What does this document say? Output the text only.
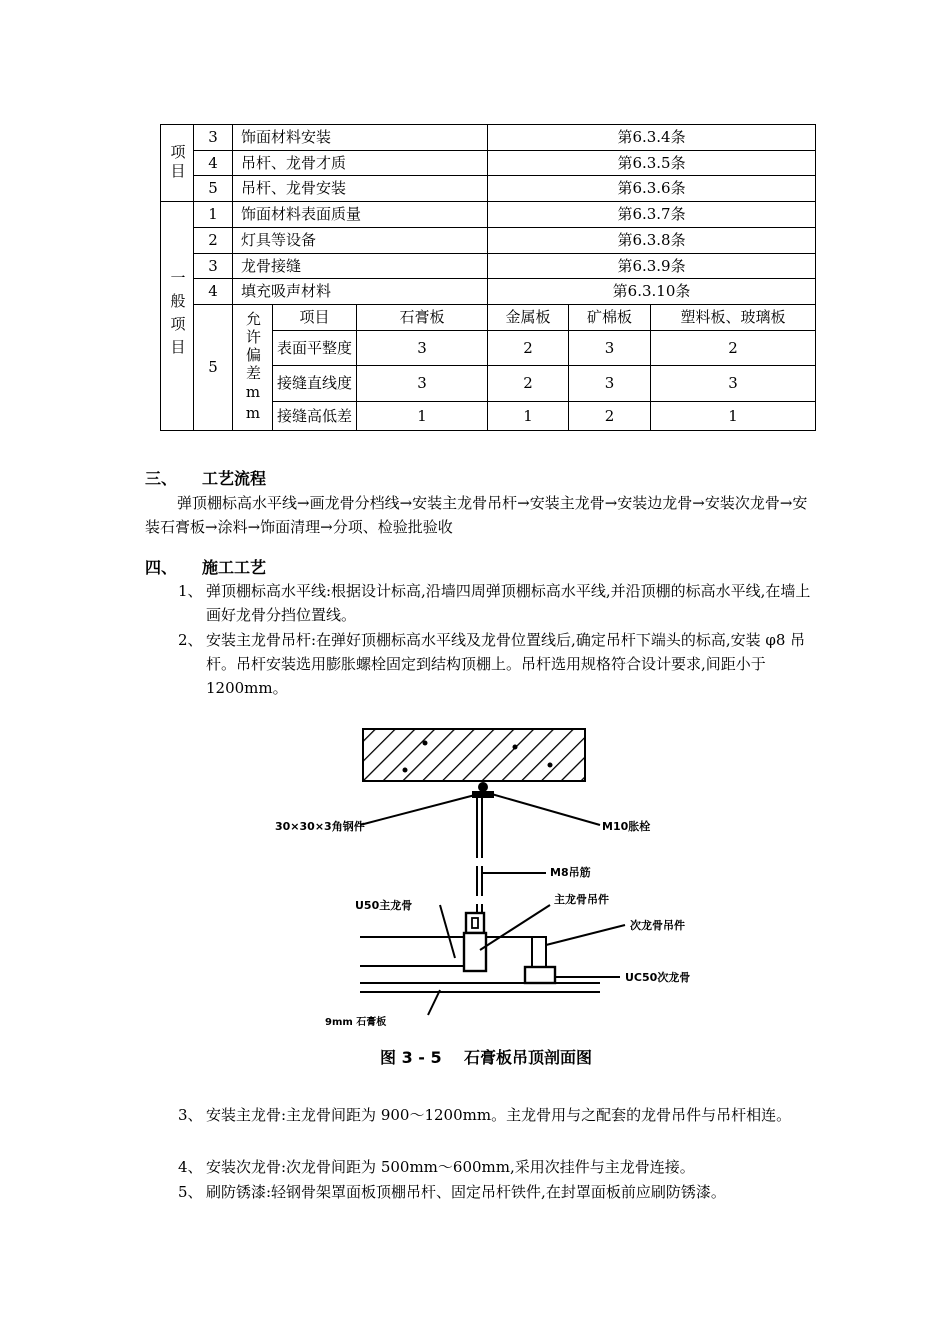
项目	3	饰面材料安装			第6.3.4条		
	4	吊杆、龙骨才质			第6.3.5条		
	5	吊杆、龙骨安装			第6.3.6条		

一般项目	1	饰面材料表面质量			第6.3.7条		
	2	灯具等设备			第6.3.8条		
	3	龙骨接缝			第6.3.9条		
	4	填充吸声材料			第6.3.10条		
	5	允许偏差mm	项目	石膏板	金属板	矿棉板	塑料板、玻璃板
			表面平整度	3	2	3	2
			接缝直线度	3	2	3	3
			接缝高低差	1	1	2	1
三、 工艺流程
弹顶棚标高水平线→画龙骨分档线→安装主龙骨吊杆→安装主龙骨→安装边龙骨→安装次龙骨→安装石膏板→涂料→饰面清理→分项、检验批验收
四、 施工工艺
1、 弹顶棚标高水平线:根据设计标高,沿墙四周弹顶棚标高水平线,并沿顶棚的标高水平线,在墙上画好龙骨分挡位置线。
2、 安装主龙骨吊杆:在弹好顶棚标高水平线及龙骨位置线后,确定吊杆下端头的标高,安装 φ8 吊杆。吊杆安装选用膨胀螺栓固定到结构顶棚上。吊杆选用规格符合设计要求,间距小于 1200mm。
30×30×3角钢件	M10胀栓
M8吊筋
U50主龙骨	主龙骨吊件
次龙骨吊件
UC50次龙骨
9mm 石膏板
图 3 - 5 石膏板吊顶剖面图
3、 安装主龙骨:主龙骨间距为 900～1200mm。主龙骨用与之配套的龙骨吊件与吊杆相连。
4、 安装次龙骨:次龙骨间距为 500mm～600mm,采用次挂件与主龙骨连接。
5、 刷防锈漆:轻钢骨架罩面板顶棚吊杆、固定吊杆铁件,在封罩面板前应刷防锈漆。
